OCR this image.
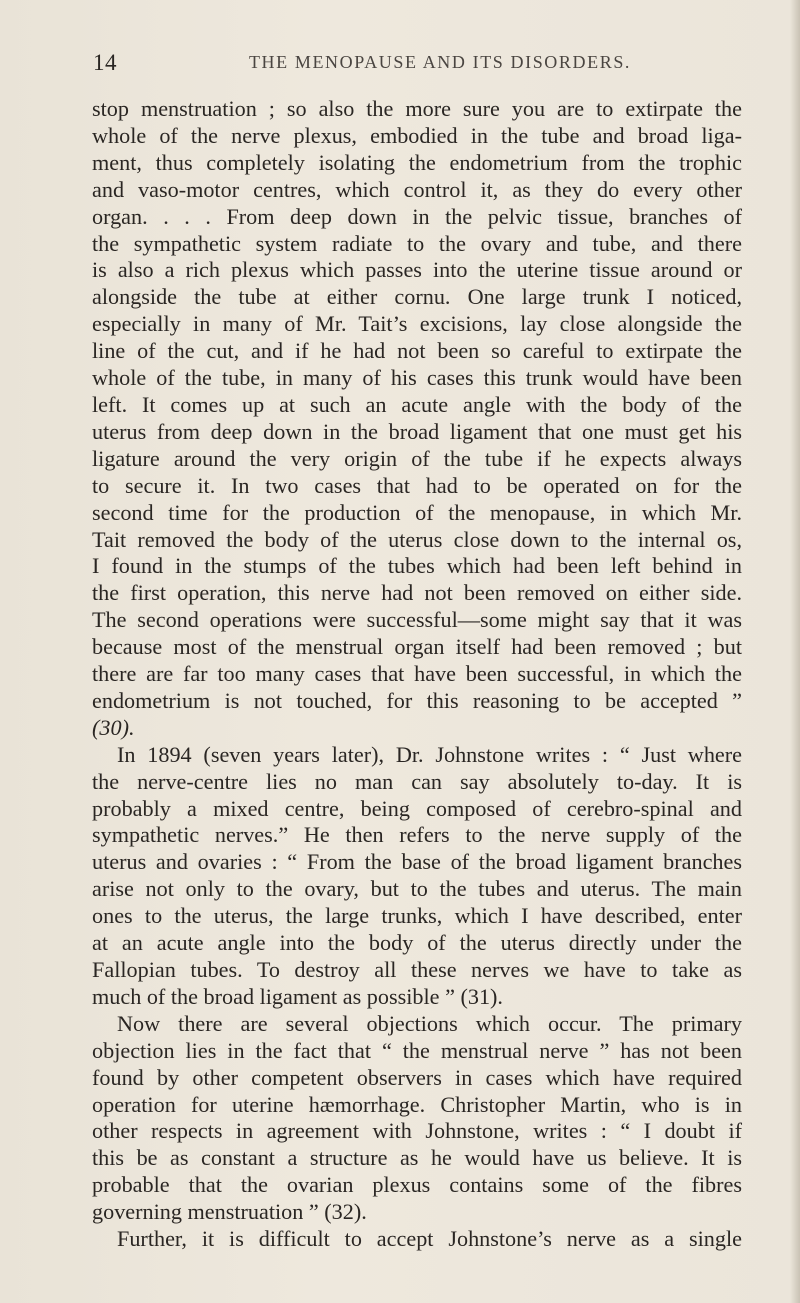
14	THE MENOPAUSE AND ITS DISORDERS.
stop menstruation ; so also the more sure you are to extirpate the
whole of the nerve plexus, embodied in the tube and broad liga-
ment, thus completely isolating the endometrium from the trophic
and vaso-motor centres, which control it, as they do every other
organ. . . . From deep down in the pelvic tissue, branches of
the sympathetic system radiate to the ovary and tube, and there
is also a rich plexus which passes into the uterine tissue around or
alongside the tube at either cornu. One large trunk I noticed,
especially in many of Mr. Tait’s excisions, lay close alongside the
line of the cut, and if he had not been so careful to extirpate the
whole of the tube, in many of his cases this trunk would have been
left. It comes up at such an acute angle with the body of the
uterus from deep down in the broad ligament that one must get his
ligature around the very origin of the tube if he expects always
to secure it. In two cases that had to be operated on for the
second time for the production of the menopause, in which Mr.
Tait removed the body of the uterus close down to the internal os,
I found in the stumps of the tubes which had been left behind in
the first operation, this nerve had not been removed on either side.
The second operations were successful—some might say that it was
because most of the menstrual organ itself had been removed ; but
there are far too many cases that have been successful, in which the
endometrium is not touched, for this reasoning to be accepted ”
(30).
In 1894 (seven years later), Dr. Johnstone writes : “ Just where
the nerve-centre lies no man can say absolutely to-day. It is
probably a mixed centre, being composed of cerebro-spinal and
sympathetic nerves.” He then refers to the nerve supply of the
uterus and ovaries : “ From the base of the broad ligament branches
arise not only to the ovary, but to the tubes and uterus. The main
ones to the uterus, the large trunks, which I have described, enter
at an acute angle into the body of the uterus directly under the
Fallopian tubes. To destroy all these nerves we have to take as
much of the broad ligament as possible ” (31).
Now there are several objections which occur. The primary
objection lies in the fact that “ the menstrual nerve ” has not been
found by other competent observers in cases which have required
operation for uterine hæmorrhage. Christopher Martin, who is in
other respects in agreement with Johnstone, writes : “ I doubt if
this be as constant a structure as he would have us believe. It is
probable that the ovarian plexus contains some of the fibres
governing menstruation ” (32).
Further, it is difficult to accept Johnstone’s nerve as a single
